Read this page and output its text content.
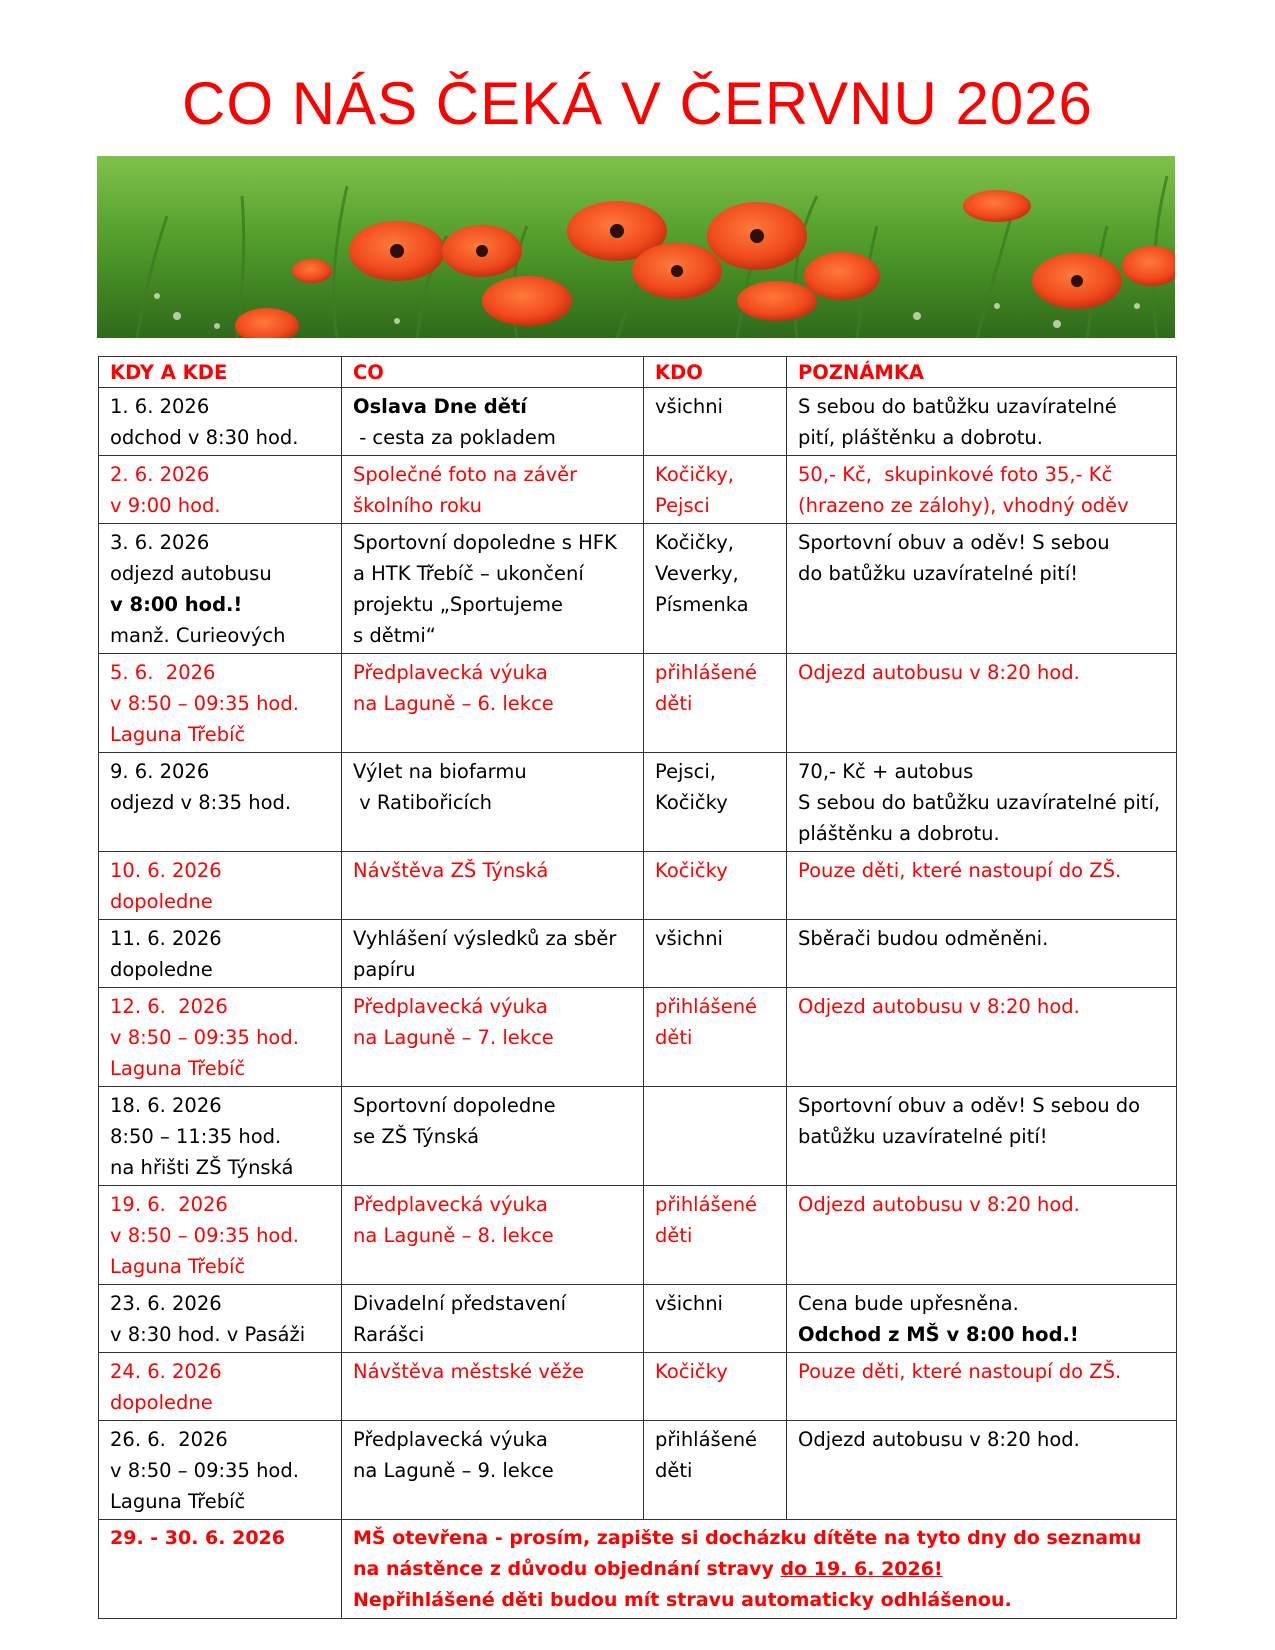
CO NÁS ČEKÁ V ČERVNU 2026
KDY A KDE	CO	KDO	POZNÁMKA

1. 6. 2026
odchod v 8:30 hod.	Oslava Dne dětí
- cesta za pokladem	všichni	S sebou do batůžku uzavíratelné
pití, pláštěnku a dobrotu.

2. 6. 2026
v 9:00 hod.	Společné foto na závěr
školního roku	Kočičky,
Pejsci	50,- Kč,  skupinkové foto 35,- Kč
(hrazeno ze zálohy), vhodný oděv

3. 6. 2026
odjezd autobusu
v 8:00 hod.!
manž. Curieových	Sportovní dopoledne s HFK
a HTK Třebíč – ukončení
projektu „Sportujeme
s dětmi“	Kočičky,
Veverky,
Písmenka	Sportovní obuv a oděv! S sebou
do batůžku uzavíratelné pití!

5. 6.  2026
v 8:50 – 09:35 hod.
Laguna Třebíč	Předplavecká výuka
na Laguně – 6. lekce	přihlášené
děti	Odjezd autobusu v 8:20 hod.

9. 6. 2026
odjezd v 8:35 hod.	Výlet na biofarmu
v Ratibořicích	Pejsci,
Kočičky	70,- Kč + autobus
S sebou do batůžku uzavíratelné pití,
pláštěnku a dobrotu.

10. 6. 2026
dopoledne	Návštěva ZŠ Týnská	Kočičky	Pouze děti, které nastoupí do ZŠ.

11. 6. 2026
dopoledne	Vyhlášení výsledků za sběr
papíru	všichni	Sběrači budou odměněni.

12. 6.  2026
v 8:50 – 09:35 hod.
Laguna Třebíč	Předplavecká výuka
na Laguně – 7. lekce	přihlášené
děti	Odjezd autobusu v 8:20 hod.

18. 6. 2026
8:50 – 11:35 hod.
na hřišti ZŠ Týnská	Sportovní dopoledne
se ZŠ Týnská		Sportovní obuv a oděv! S sebou do
batůžku uzavíratelné pití!

19. 6.  2026
v 8:50 – 09:35 hod.
Laguna Třebíč	Předplavecká výuka
na Laguně – 8. lekce	přihlášené
děti	Odjezd autobusu v 8:20 hod.

23. 6. 2026
v 8:30 hod. v Pasáži	Divadelní představení
Rarášci	všichni	Cena bude upřesněna.
Odchod z MŠ v 8:00 hod.!

24. 6. 2026
dopoledne	Návštěva městské věže	Kočičky	Pouze děti, které nastoupí do ZŠ.

26. 6.  2026
v 8:50 – 09:35 hod.
Laguna Třebíč	Předplavecká výuka
na Laguně – 9. lekce	přihlášené
děti	Odjezd autobusu v 8:20 hod.

29. - 30. 6. 2026	MŠ otevřena - prosím, zapište si docházku dítěte na tyto dny do seznamu
na nástěnce z důvodu objednání stravy do 19. 6. 2026!
Nepřihlášené děti budou mít stravu automaticky odhlášenou.		
